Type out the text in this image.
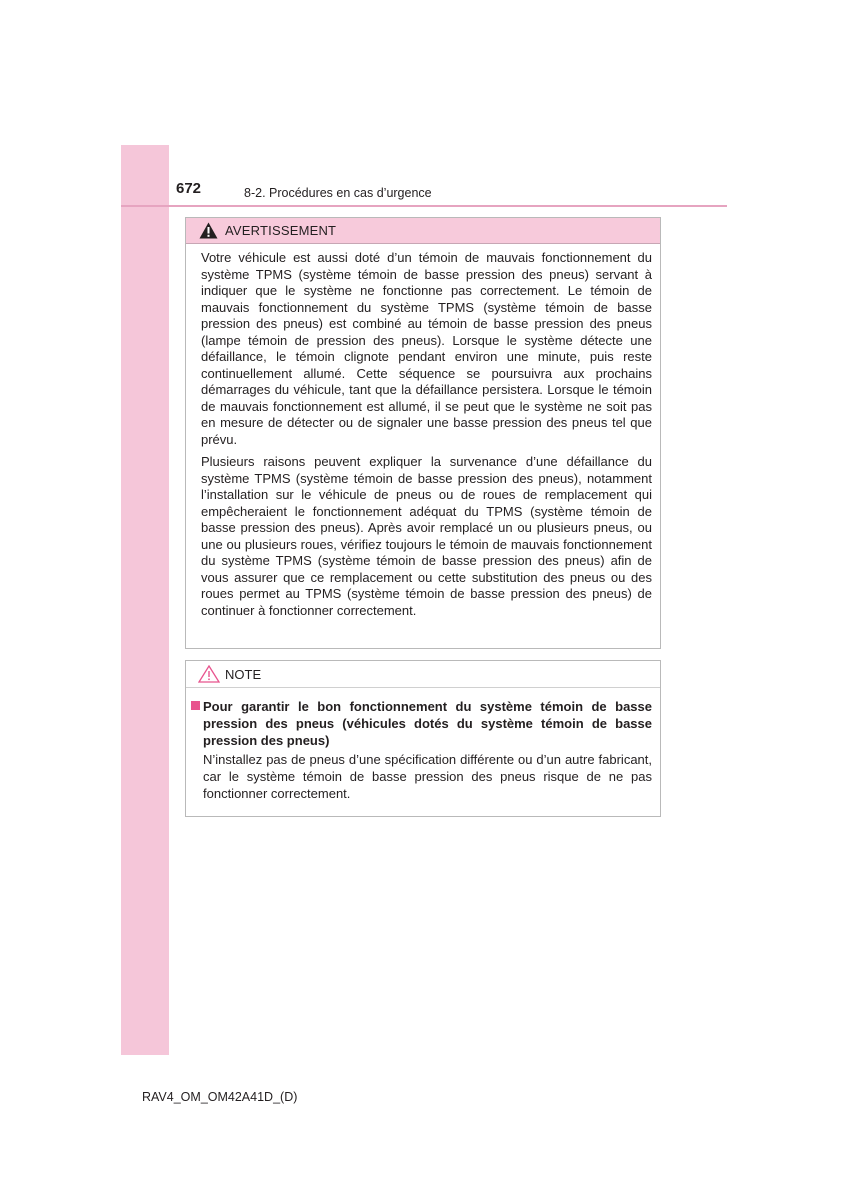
672	8-2. Procédures en cas d’urgence
AVERTISSEMENT

Votre véhicule est aussi doté d’un témoin de mauvais fonctionnement du système TPMS (système témoin de basse pression des pneus) servant à indiquer que le système ne fonctionne pas correctement. Le témoin de mauvais fonctionnement du système TPMS (système témoin de basse pression des pneus) est combiné au témoin de basse pression des pneus (lampe témoin de pression des pneus). Lorsque le système détecte une défaillance, le témoin clignote pendant environ une minute, puis reste continuellement allumé. Cette séquence se poursuivra aux prochains démarrages du véhicule, tant que la défaillance persistera. Lorsque le témoin de mauvais fonctionnement est allumé, il se peut que le système ne soit pas en mesure de détecter ou de signaler une basse pression des pneus tel que prévu.

Plusieurs raisons peuvent expliquer la survenance d’une défaillance du système TPMS (système témoin de basse pression des pneus), notamment l’installation sur le véhicule de pneus ou de roues de remplacement qui empêcheraient le fonctionnement adéquat du TPMS (système témoin de basse pression des pneus). Après avoir remplacé un ou plusieurs pneus, ou une ou plusieurs roues, vérifiez toujours le témoin de mauvais fonctionnement du système TPMS (système témoin de basse pression des pneus) afin de vous assurer que ce remplacement ou cette substitution des pneus ou des roues permet au TPMS (système témoin de basse pression des pneus) de continuer à fonctionner correctement.

NOTE

Pour garantir le bon fonctionnement du système témoin de basse pression des pneus (véhicules dotés du système témoin de basse pression des pneus)

N’installez pas de pneus d’une spécification différente ou d’un autre fabricant, car le système témoin de basse pression des pneus risque de ne pas fonctionner correctement.

RAV4_OM_OM42A41D_(D)
